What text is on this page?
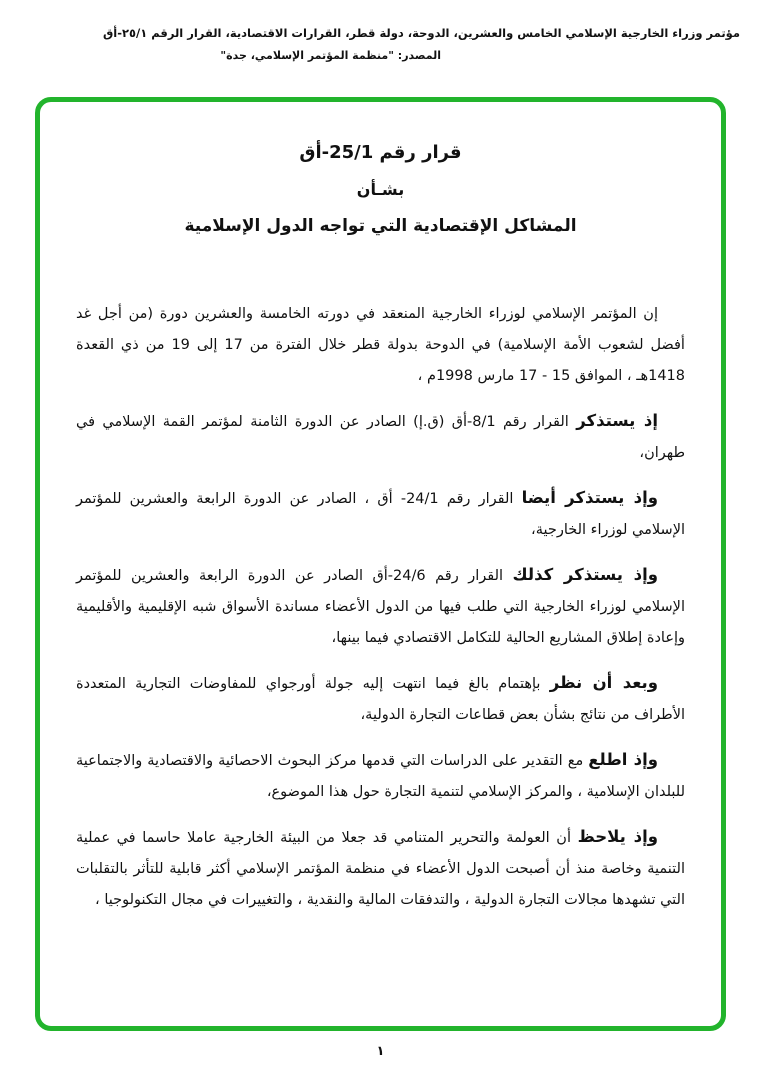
مؤتمر وزراء الخارجية الإسلامي الخامس والعشرين، الدوحة، دولة قطر، القرارات الاقتصادية، القرار الرقم ٢٥/١-أق
المصدر: "منظمة المؤتمر الإسلامي، جدة"
قرار رقم 25/1-أق
بشـأن
المشاكل الإقتصادية التي تواجه الدول الإسلامية
إن المؤتمر الإسلامي لوزراء الخارجية المنعقد في دورته الخامسة والعشرين دورة (من أجل غد أفضل لشعوب الأمة الإسلامية) في الدوحة بدولة قطر خلال الفترة من 17 إلى 19 من ذي القعدة 1418هـ ، الموافق 15 - 17 مارس 1998م ،
إذ يستذكر القرار رقم 8/1-أق (ق.إ) الصادر عن الدورة الثامنة لمؤتمر القمة الإسلامي في طهران،
وإذ يستذكر أيضا القرار رقم 24/1- أق ، الصادر عن الدورة الرابعة والعشرين للمؤتمر الإسلامي لوزراء الخارجية،
وإذ يستذكر كذلك القرار رقم 24/6-أق الصادر عن الدورة الرابعة والعشرين للمؤتمر الإسلامي لوزراء الخارجية التي طلب فيها من الدول الأعضاء مساندة الأسواق شبه الإقليمية والأقليمية وإعادة إطلاق المشاريع الحالية للتكامل الاقتصادي فيما بينها،
وبعد أن نظر بإهتمام بالغ فيما انتهت إليه جولة أورجواي للمفاوضات التجارية المتعددة الأطراف من نتائج بشأن بعض قطاعات التجارة الدولية،
وإذ اطلع مع التقدير على الدراسات التي قدمها مركز البحوث الاحصائية والاقتصادية والاجتماعية للبلدان الإسلامية ، والمركز الإسلامي لتنمية التجارة حول هذا الموضوع،
وإذ يلاحظ أن العولمة والتحرير المتنامي قد جعلا من البيئة الخارجية عاملا حاسما في عملية التنمية وخاصة منذ أن أصبحت الدول الأعضاء في منظمة المؤتمر الإسلامي أكثر قابلية للتأثر بالتقلبات التي تشهدها مجالات التجارة الدولية ، والتدفقات المالية والنقدية ، والتغييرات في مجال التكنولوجيا ،
١
